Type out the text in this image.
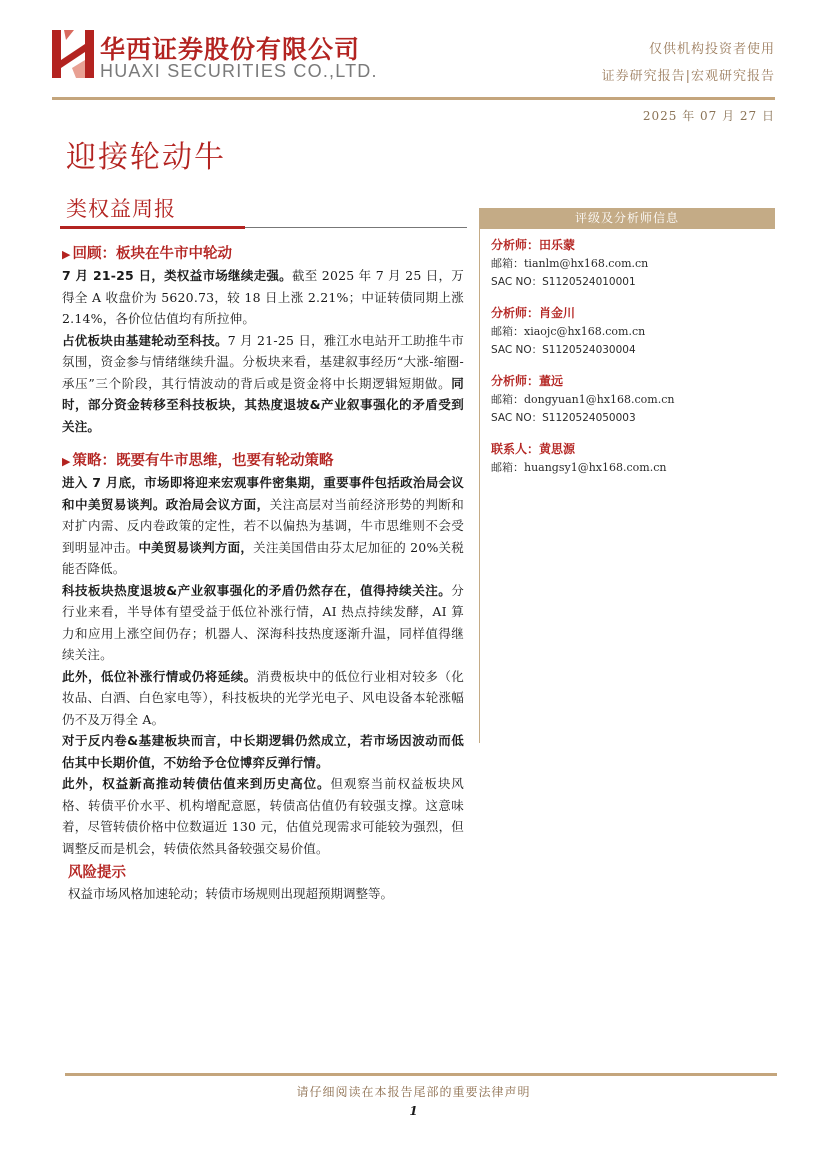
华西证券股份有限公司
HUAXI SECURITIES CO.,LTD.
仅供机构投资者使用
证券研究报告|宏观研究报告
2025 年 07 月 27 日
迎接轮动牛
类权益周报
▶ 回顾：板块在牛市中轮动
7 月 21-25 日，类权益市场继续走强。截至 2025 年 7 月 25 日，万得全 A 收盘价为 5620.73，较 18 日上涨 2.21%；中证转债同期上涨 2.14%，各价位估值均有所拉伸。
占优板块由基建轮动至科技。7 月 21-25 日，雅江水电站开工助推牛市氛围，资金参与情绪继续升温。分板块来看，基建叙事经历“大涨-缩圈-承压”三个阶段，其行情波动的背后或是资金将中长期逻辑短期做。同时，部分资金转移至科技板块，其热度退坡&产业叙事强化的矛盾受到关注。
▶ 策略：既要有牛市思维，也要有轮动策略
进入 7 月底，市场即将迎来宏观事件密集期，重要事件包括政治局会议和中美贸易谈判。政治局会议方面，关注高层对当前经济形势的判断和对扩内需、反内卷政策的定性，若不以偏热为基调，牛市思维则不会受到明显冲击。中美贸易谈判方面，关注美国借由芬太尼加征的 20%关税能否降低。
科技板块热度退坡&产业叙事强化的矛盾仍然存在，值得持续关注。分行业来看，半导体有望受益于低位补涨行情，AI 热点持续发酵，AI 算力和应用上涨空间仍存；机器人、深海科技热度逐渐升温，同样值得继续关注。
此外，低位补涨行情或仍将延续。消费板块中的低位行业相对较多（化妆品、白酒、白色家电等），科技板块的光学光电子、风电设备本轮涨幅仍不及万得全 A。
对于反内卷&基建板块而言，中长期逻辑仍然成立，若市场因波动而低估其中长期价值，不妨给予仓位博弈反弹行情。
此外，权益新高推动转债估值来到历史高位。但观察当前权益板块风格、转债平价水平、机构增配意愿，转债高估值仍有较强支撑。这意味着，尽管转债价格中位数逼近 130 元，估值兑现需求可能较为强烈，但调整反而是机会，转债依然具备较强交易价值。
风险提示
权益市场风格加速轮动；转债市场规则出现超预期调整等。
评级及分析师信息
分析师：田乐蒙
邮箱：tianlm@hx168.com.cn
SAC NO：S1120524010001
分析师：肖金川
邮箱：xiaojc@hx168.com.cn
SAC NO：S1120524030004
分析师：董远
邮箱：dongyuan1@hx168.com.cn
SAC NO：S1120524050003
联系人：黄思源
邮箱：huangsy1@hx168.com.cn
请仔细阅读在本报告尾部的重要法律声明
1
